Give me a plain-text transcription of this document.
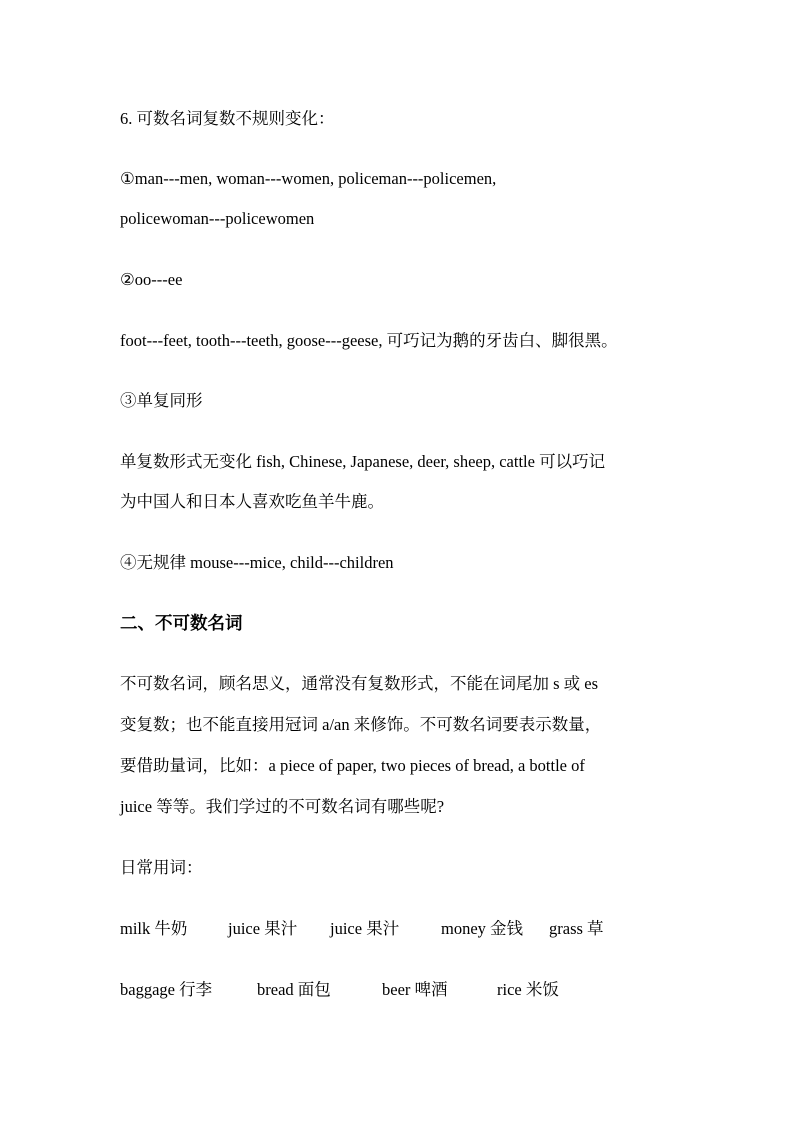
6. 可数名词复数不规则变化：
①man---men, woman---women, policeman---policemen,
policewoman---policewomen
②oo---ee
foot---feet, tooth---teeth, goose---geese, 可巧记为鹅的牙齿白、脚很黑。
③单复同形
单复数形式无变化 fish, Chinese, Japanese, deer, sheep, cattle 可以巧记
为中国人和日本人喜欢吃鱼羊牛鹿。
④无规律 mouse---mice, child---children
二、不可数名词
不可数名词，顾名思义，通常没有复数形式，不能在词尾加 s 或 es
变复数；也不能直接用冠词 a/an 来修饰。不可数名词要表示数量，
要借助量词，比如：a piece of paper, two pieces of bread, a bottle of
juice 等等。我们学过的不可数名词有哪些呢?
日常用词：
milk 牛奶 juice 果汁 juice 果汁	money 金钱 grass 草
baggage 行李	bread 面包	beer 啤酒	rice 米饭
